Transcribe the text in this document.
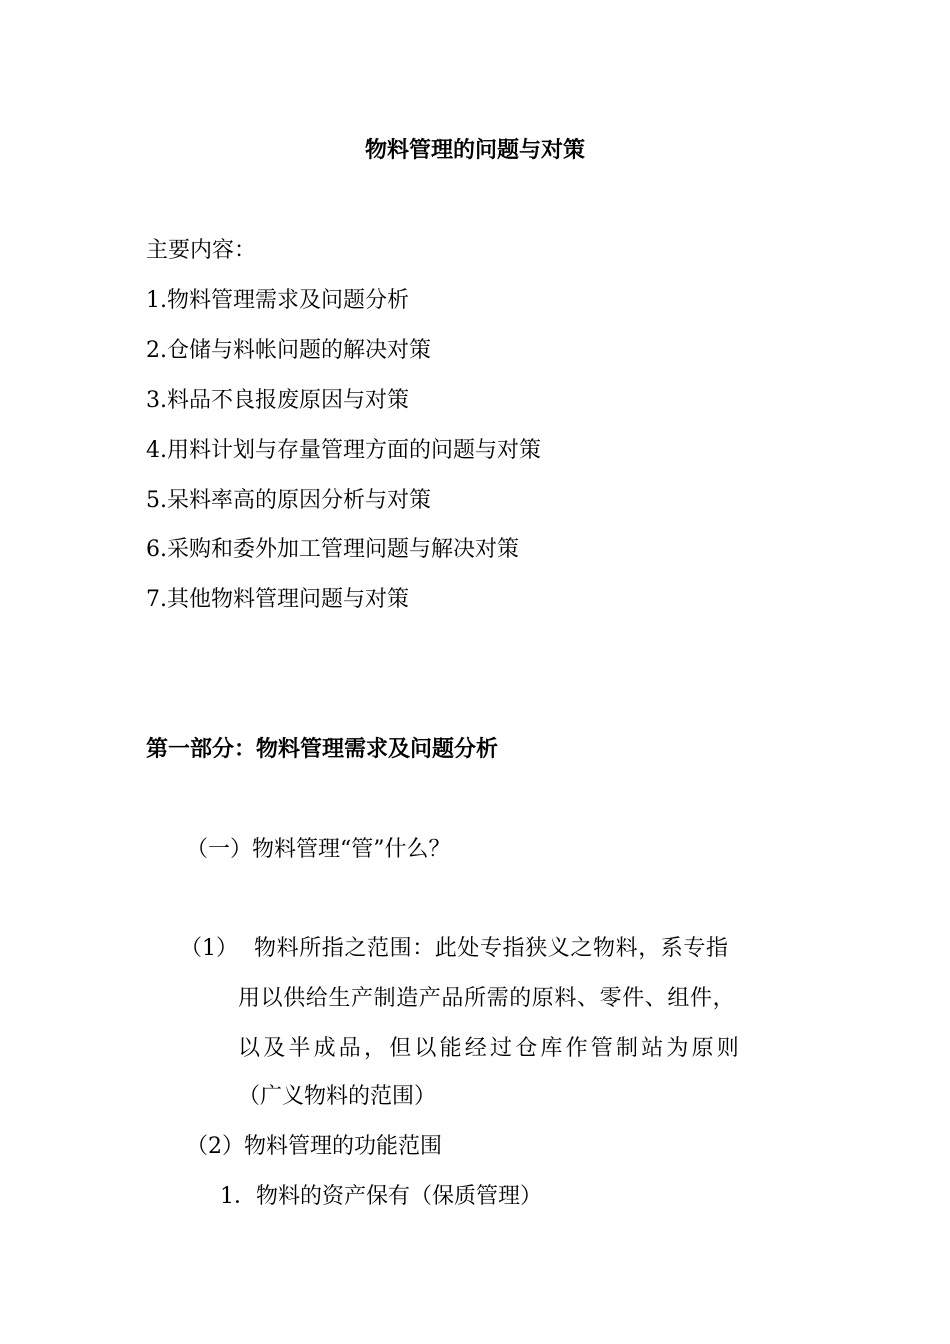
物料管理的问题与对策
主要内容：
1.物料管理需求及问题分析
2.仓储与料帐问题的解决对策
3.料品不良报废原因与对策
4.用料计划与存量管理方面的问题与对策
5.呆料率高的原因分析与对策
6.采购和委外加工管理问题与解决对策
7.其他物料管理问题与对策
第一部分：物料管理需求及问题分析
（一）物料管理“管”什么？
（1） 物料所指之范围：此处专指狭义之物料，系专指
用以供给生产制造产品所需的原料、零件、组件，
以及半成品，但以能经过仓库作管制站为原则
（广义物料的范围）
（2）物料管理的功能范围
1．物料的资产保有（保质管理）
